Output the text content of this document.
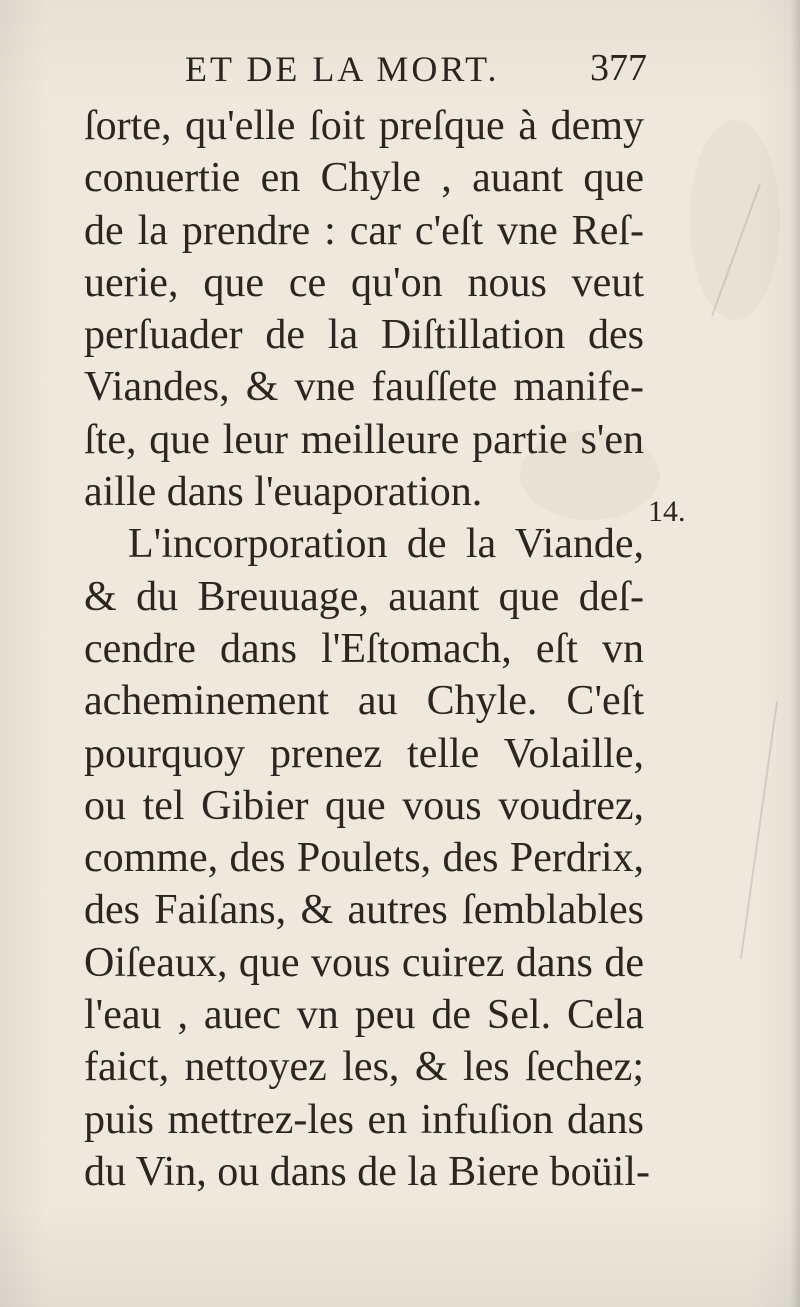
ET DE LA MORT. 377
14.
ſorte, qu'elle ſoit preſque à demy
conuertie en Chyle , auant que
de la prendre : car c'eſt vne Reſ-
uerie, que ce qu'on nous veut
perſuader de la Diſtillation des
Viandes, & vne fauſſete manife-
ſte, que leur meilleure partie s'en
aille dans l'euaporation.
L'incorporation de la Viande,
& du Breuuage, auant que deſ-
cendre dans l'Eſtomach, eſt vn
acheminement au Chyle. C'eſt
pourquoy prenez telle Volaille,
ou tel Gibier que vous voudrez,
comme, des Poulets, des Perdrix,
des Faiſans, & autres ſemblables
Oiſeaux, que vous cuirez dans de
l'eau , auec vn peu de Sel. Cela
faict, nettoyez les, & les ſechez;
puis mettrez-les en infuſion dans
du Vin, ou dans de la Biere boüil-
